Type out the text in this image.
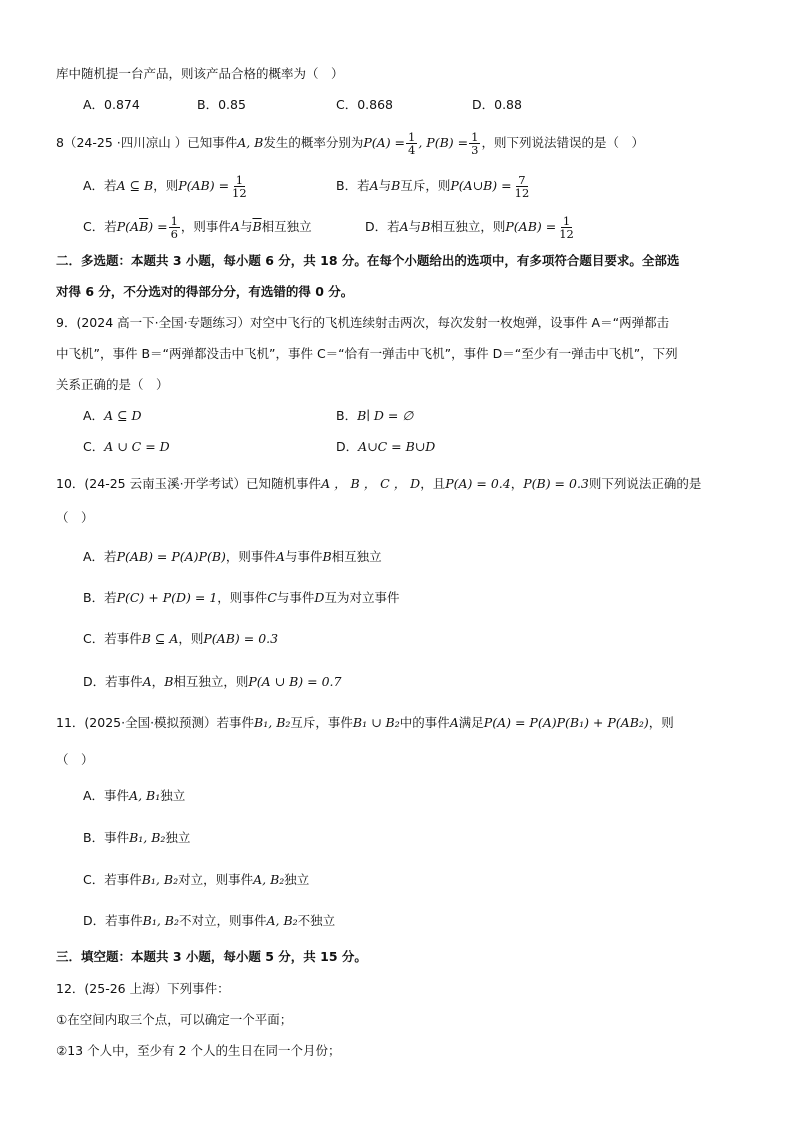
库中随机提一台产品，则该产品合格的概率为（　）
A．0.874	B．0.85	C．0.868	D．0.88
8（24-25 ·四川凉山 ）已知事件A, B发生的概率分别为$P(A) = \frac{1}{4}$ , $P(B) = \frac{1}{3}$ ，则下列说法错误的是（　）
A．若A ⊆ B，则$P(AB) = \frac{1}{12}$	B．若A与B互斥，则P(A∪B) = $\frac{7}{12}$
C．若$P(A\overline{B}) = \frac{1}{6}$ ，则事件A与$\overline{B}$相互独立	D．若A与B相互独立，则$P(AB) = \frac{1}{12}$
二．多选题：本题共 3 小题，每小题 6 分，共 18 分。在每个小题给出的选项中，有多项符合题目要求。全部选
对得 6 分，不分选对的得部分分，有选错的得 0 分。
9．(2024 高一下·全国·专题练习）对空中飞行的飞机连续射击两次，每次发射一枚炮弹，设事件 A＝“两弹都击
中飞机”，事件 B＝“两弹都没击中飞机”，事件 C＝“恰有一弹击中飞机”，事件 D＝“至少有一弹击中飞机”，下列
关系正确的是（　）
A．A ⊆ D	B．B∣ D = ∅
C．A ∪ C = D	D．A∪C = B∪D
10．(24-25 云南玉溪·开学考试）已知随机事件A ， B ， C ， D，且P(A) = 0.4，P(B) = 0.3则下列说法正确的是
（　）
A．若P(AB) = P(A)P(B)，则事件A与事件B相互独立
B．若P(C) + P(D) = 1，则事件C与事件D互为对立事件
C．若事件B ⊆ A，则P(AB) = 0.3
D．若事件A，B相互独立，则P(A ∪ B) = 0.7
11．(2025·全国·模拟预测）若事件B₁, B₂互斥，事件B₁ ∪ B₂中的事件A满足P(A) = P(A)P(B₁) + P(AB₂)，则
（　）
A．事件A, B₁独立
B．事件B₁, B₂独立
C．若事件B₁, B₂对立，则事件A, B₂独立
D．若事件B₁, B₂不对立，则事件A, B₂不独立
三．填空题：本题共 3 小题，每小题 5 分，共 15 分。
12．(25-26 上海）下列事件：
①在空间内取三个点，可以确定一个平面；
②13 个人中，至少有 2 个人的生日在同一个月份；
